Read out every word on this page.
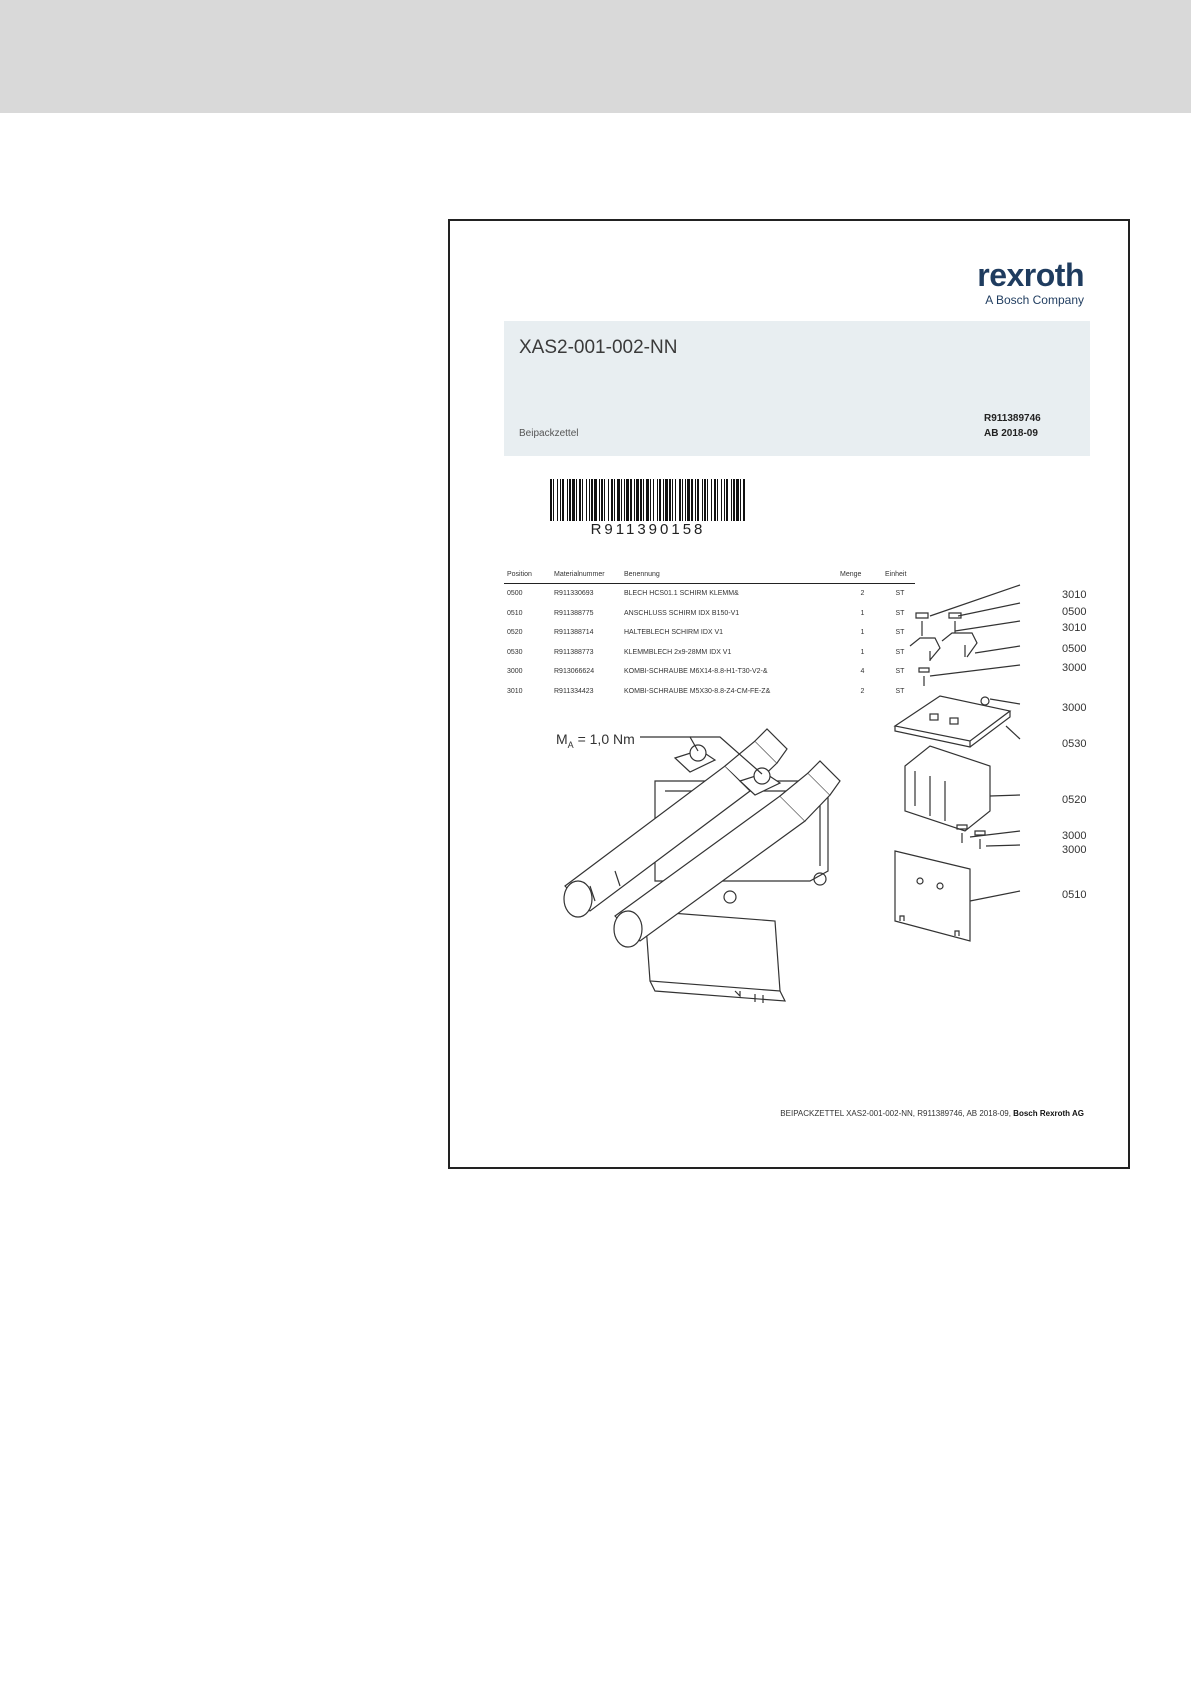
rexroth
A Bosch Company
XAS2-001-002-NN
Beipackzettel
R911389746
AB 2018-09
R911390158
Position	Materialnummer	Benennung	Menge	Einheit
0500	R911330693	BLECH HCS01.1 SCHIRM KLEMM&	2	ST
0510	R911388775	ANSCHLUSS SCHIRM IDX B150-V1	1	ST
0520	R911388714	HALTEBLECH SCHIRM IDX V1	1	ST
0530	R911388773	KLEMMBLECH 2x9-28MM IDX V1	1	ST
3000	R913066624	KOMBI-SCHRAUBE M6X14-8.8-H1-T30-V2-&	4	ST
3010	R911334423	KOMBI-SCHRAUBE M5X30-8.8-Z4-CM-FE-Z&	2	ST
$M_A = 1,0$ Nm
3010
0500
3010
0500
3000
3000
0530
0520
3000
3000
0510
BEIPACKZETTEL XAS2-001-002-NN, R911389746, AB 2018-09, Bosch Rexroth AG
